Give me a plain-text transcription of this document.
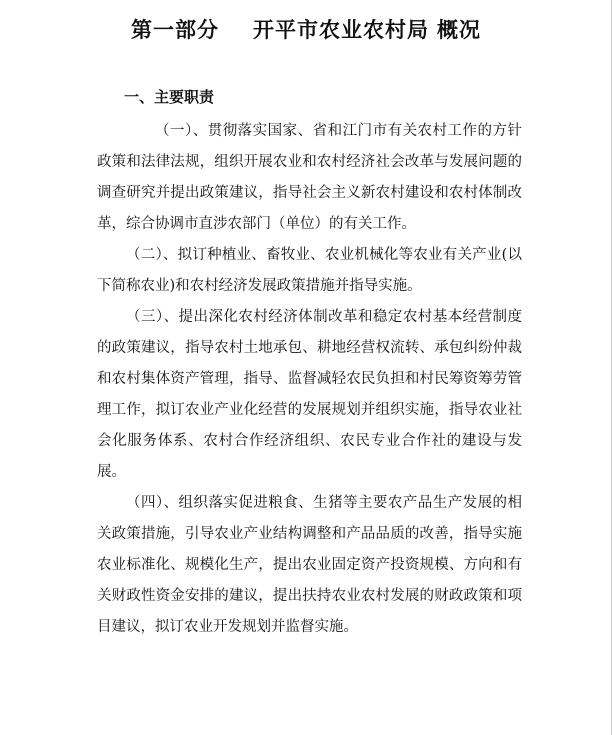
第一部分 开平市农业农村局 概况
一、主要职责

（一）、贯彻落实国家、省和江门市有关农村工作的方针政策和法律法规，组织开展农业和农村经济社会改革与发展问题的调查研究并提出政策建议，指导社会主义新农村建设和农村体制改革，综合协调市直涉农部门（单位）的有关工作。

（二）、拟订种植业、畜牧业、农业机械化等农业有关产业(以下简称农业)和农村经济发展政策措施并指导实施。

（三）、提出深化农村经济体制改革和稳定农村基本经营制度的政策建议，指导农村土地承包、耕地经营权流转、承包纠纷仲裁和农村集体资产管理，指导、监督减轻农民负担和村民筹资筹劳管理工作，拟订农业产业化经营的发展规划并组织实施，指导农业社会化服务体系、农村合作经济组织、农民专业合作社的建设与发展。

（四）、组织落实促进粮食、生猪等主要农产品生产发展的相关政策措施，引导农业产业结构调整和产品品质的改善，指导实施农业标准化、规模化生产，提出农业固定资产投资规模、方向和有关财政性资金安排的建议，提出扶持农业农村发展的财政政策和项目建议，拟订农业开发规划并监督实施。
